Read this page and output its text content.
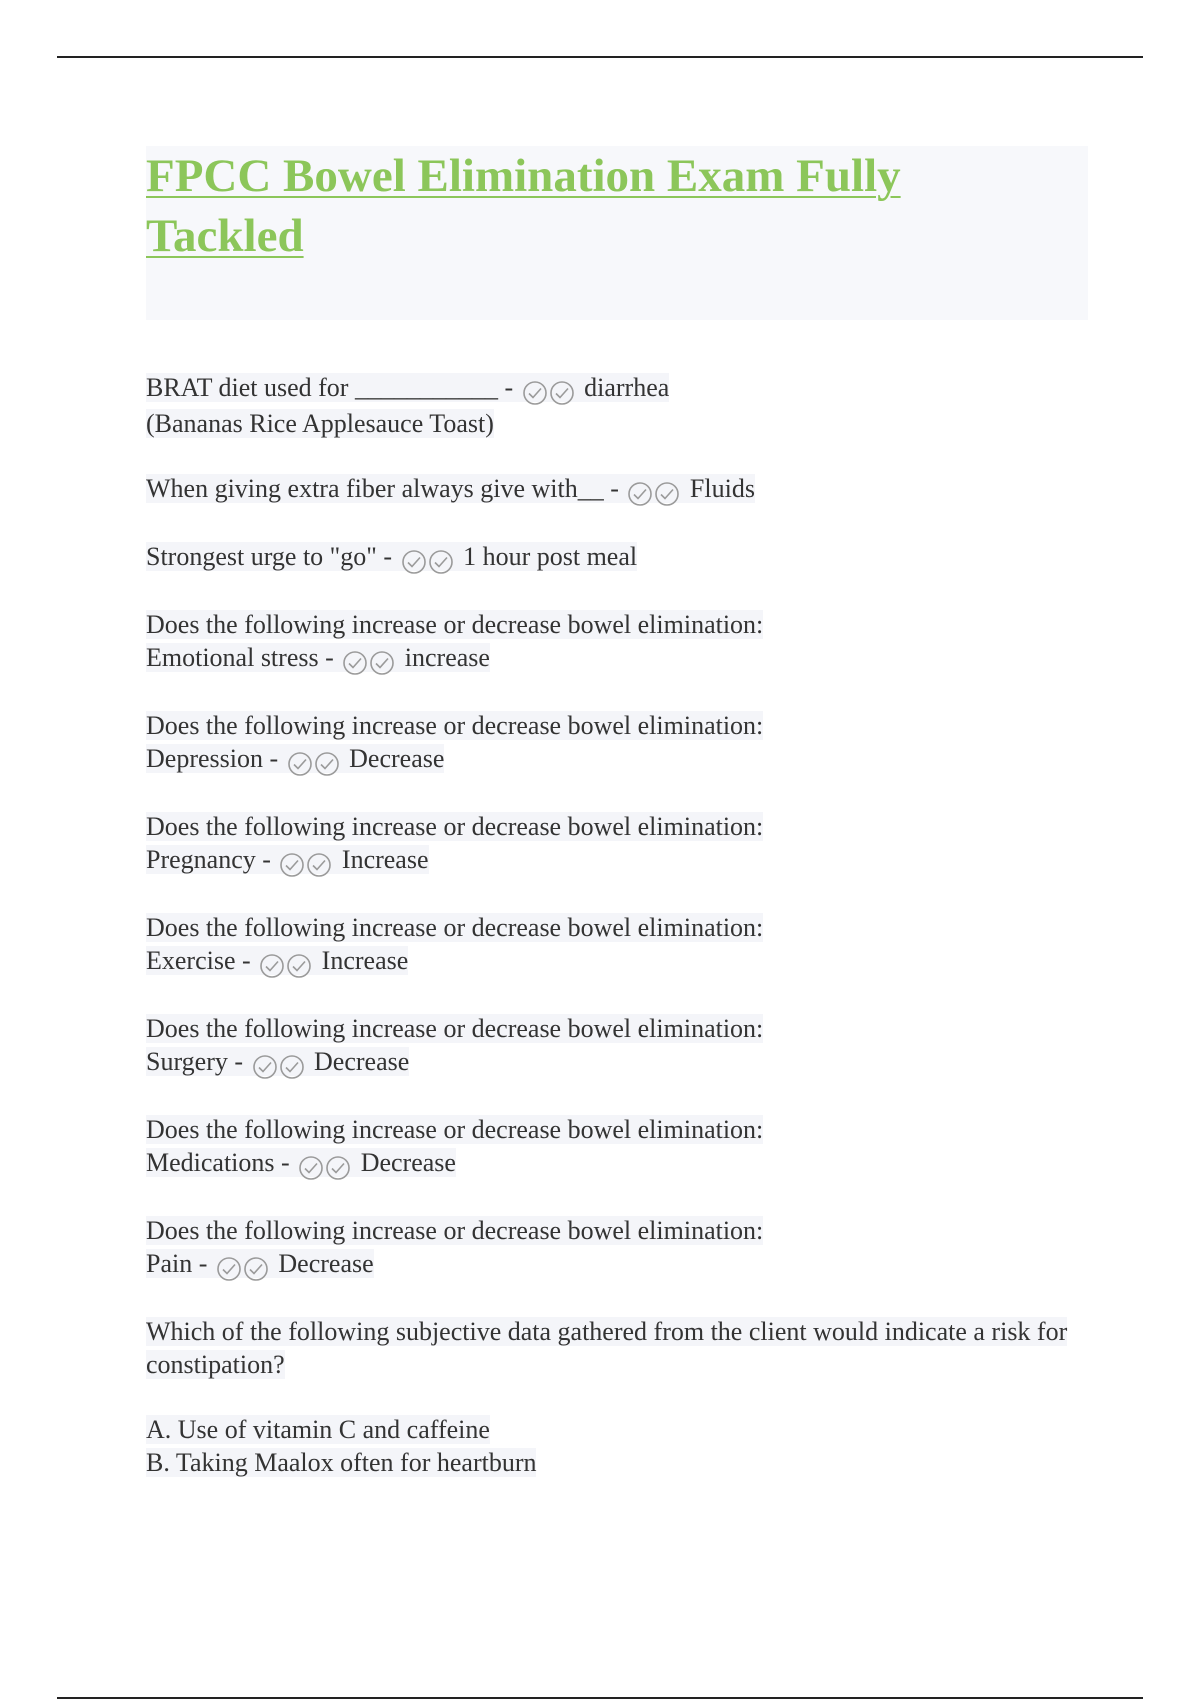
FPCC Bowel Elimination Exam Fully Tackled
BRAT diet used for ___________ -	diarrhea
(Bananas Rice Applesauce Toast)
When giving extra fiber always give with__ -	Fluids
Strongest urge to "go" -	1 hour post meal
Does the following increase or decrease bowel elimination:
Emotional stress -	increase
Does the following increase or decrease bowel elimination:
Depression -	Decrease
Does the following increase or decrease bowel elimination:
Pregnancy -	Increase
Does the following increase or decrease bowel elimination:
Exercise -	Increase
Does the following increase or decrease bowel elimination:
Surgery -	Decrease
Does the following increase or decrease bowel elimination:
Medications -	Decrease
Does the following increase or decrease bowel elimination:
Pain -	Decrease
Which of the following subjective data gathered from the client would indicate a risk for constipation?
A. Use of vitamin C and caffeine
B. Taking Maalox often for heartburn
